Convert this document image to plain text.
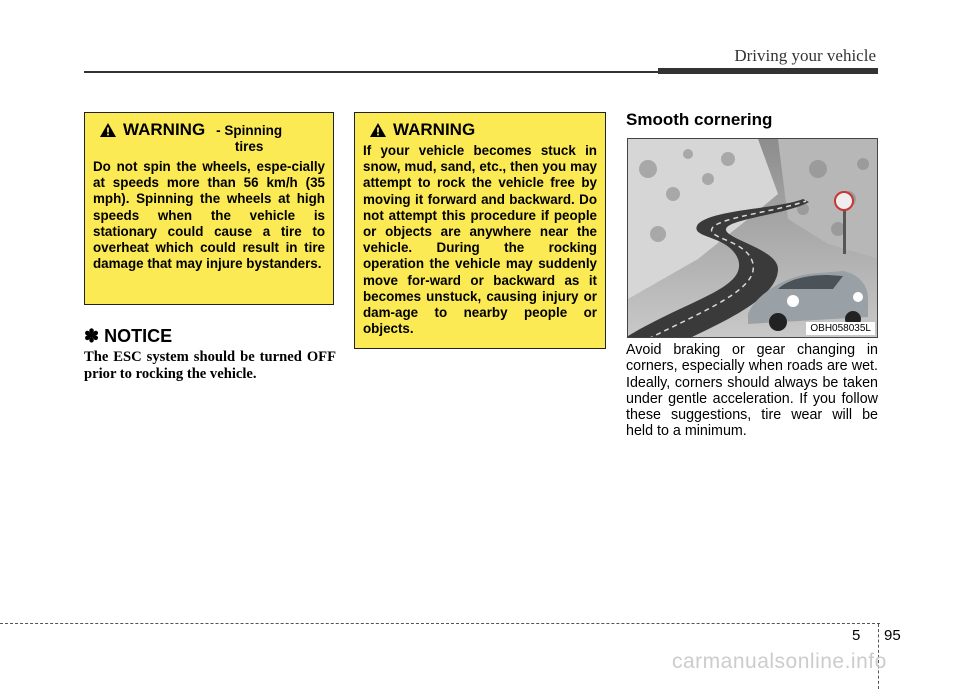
Driving your vehicle
WARNING - Spinning tires
Do not spin the wheels, espe-cially at speeds more than 56 km/h (35 mph). Spinning the wheels at high speeds when the vehicle is stationary could cause a tire to overheat which could result in tire damage that may injure bystanders.
✽ NOTICE
The ESC system should be turned OFF prior to rocking the vehicle.
WARNING
If your vehicle becomes stuck in snow, mud, sand, etc., then you may attempt to rock the vehicle free by moving it forward and backward. Do not attempt this procedure if people or objects are anywhere near the vehicle. During the rocking operation the vehicle may suddenly move for-ward or backward as it becomes unstuck, causing injury or dam-age to nearby people or objects.
Smooth cornering
OBH058035L
Avoid braking or gear changing in corners, especially when roads are wet. Ideally, corners should always be taken under gentle acceleration. If you follow these suggestions, tire wear will be held to a minimum.
5 95
carmanualsonline.info
